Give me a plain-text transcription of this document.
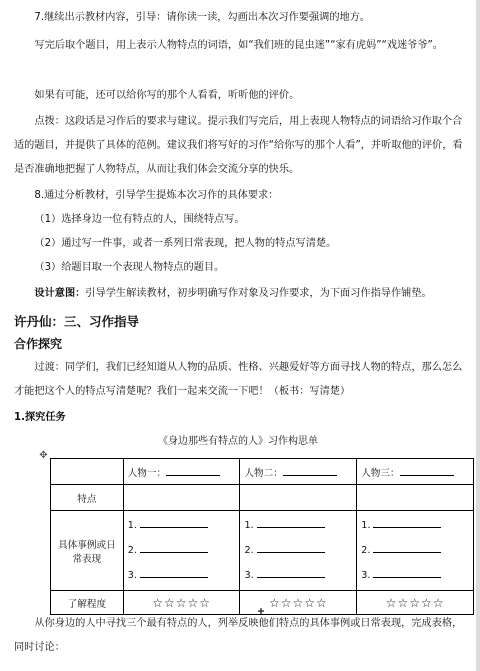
7.继续出示教材内容，引导：请你读一读，勾画出本次习作要强调的地方。

写完后取个题目，用上表示人物特点的词语，如“我们班的昆虫迷”“家有虎妈”“戏迷爷爷”。

如果有可能，还可以给你写的那个人看看，听听他的评价。

点拨：这段话是习作后的要求与建议。提示我们写完后，用上表现人物特点的词语给习作取个合适的题目，并提供了具体的范例。建议我们将写好的习作“给你写的那个人看”，并听取他的评价，看是否准确地把握了人物特点，从而让我们体会交流分享的快乐。

8.通过分析教材，引导学生提炼本次习作的具体要求：

（1）选择身边一位有特点的人，围绕特点写。

（2）通过写一件事，或者一系列日常表现，把人物的特点写清楚。

（3）给题目取一个表现人物特点的题目。

设计意图：引导学生解读教材，初步明确写作对象及习作要求，为下面习作指导作铺垫。

许丹仙：三、习作指导

合作探究

过渡：同学们，我们已经知道从人物的品质、性格、兴趣爱好等方面寻找人物的特点，那么怎么才能把这个人的特点写清楚呢？我们一起来交流一下吧！（板书：写清楚）

1.探究任务

《身边那些有特点的人》习作构思单
✥
	人物一：	人物二：	人物三：
特点			
具体事例或日常表现	1.
2.
3.	1.
2.
3.	1.
2.
3.

了解程度	☆☆☆☆☆	☆☆☆☆☆	☆☆☆☆☆
✚

从你身边的人中寻找三个最有特点的人，列举反映他们特点的具体事例或日常表现，完成表格，同时讨论：
